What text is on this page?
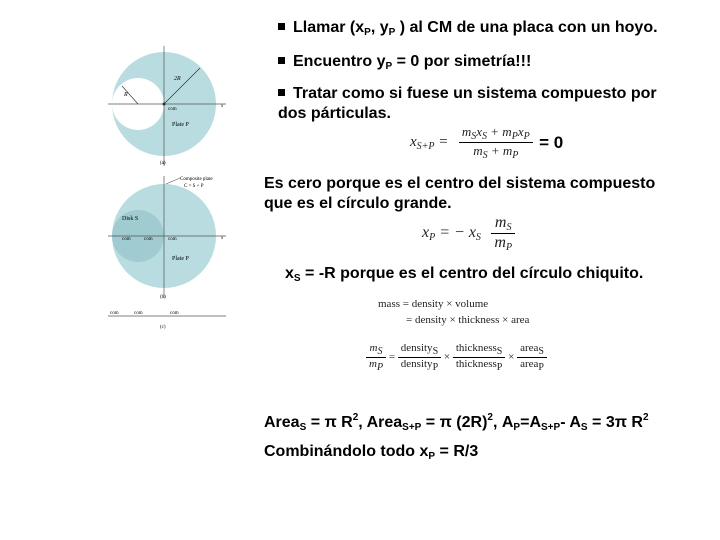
2R
R
com
Plate P
(a)
x
Composite plate
C = S + P
Disk S
com	com	com
Plate P
(b)
x
com	com	com
(c)
Llamar ($x_P$, $y_P$ ) al CM de una placa con un hoyo.
Encuentro $y_P = 0$ por simetría!!!
Tratar como si fuese un sistema compuesto por
dos párticulas.
$x_{S+P} = \frac{m_Sx_S + m_Px_P}{m_S + m_P} = 0$
Es cero porque es el centro del sistema compuesto
que es el círculo grande.
$x_P$ = − $x_S \frac{m_S}{m_P}$
$x_S = -R$ porque es el centro del círculo chiquito.
mass = density × volume
= density × thickness × area
$\frac{m_S}{m_P} = \frac{density_S}{density_P} \times \frac{thickness_S}{thickness_P} \times \frac{area_S}{area_P}$
Area$_S$ = π $R^2$, Area$_{S+P}$ = π $(2R)^2$, $A_P=A_{S+P}-$ $A_S = 3\pi$ $R^2$
Combinándolo todo $x_P = R/3$
